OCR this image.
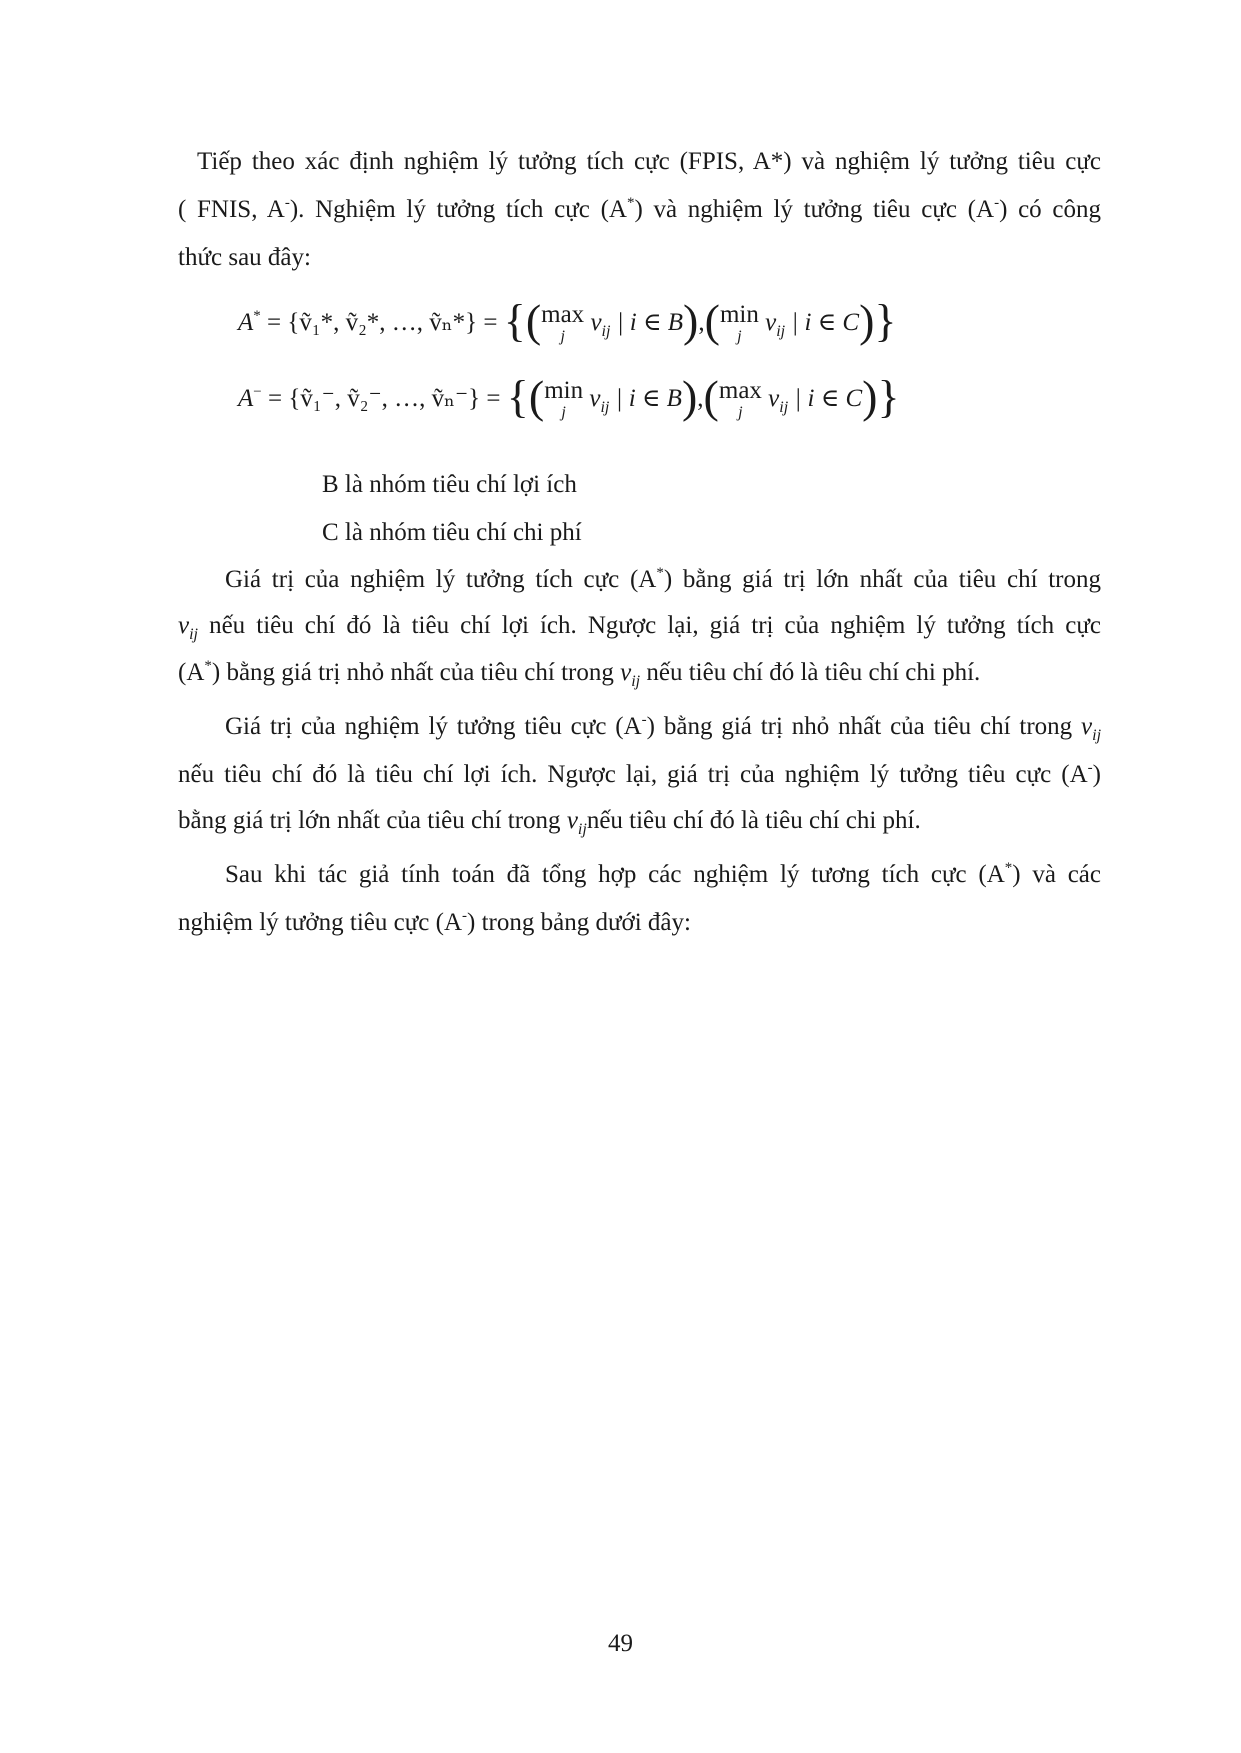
Tiếp theo xác định nghiệm lý tưởng tích cực (FPIS, A*) và nghiệm lý tưởng tiêu cực
( FNIS, A-). Nghiệm lý tưởng tích cực (A*) và nghiệm lý tưởng tiêu cực (A-) có công
thức sau đây:
A* = {ṽ₁*, ṽ₂*, …, ṽₙ*} = {(max
j
$v_{ij}$ | i ∈ B),(min
j
$v_{ij}$ | i ∈ C)}
A− = {ṽ₁⁻, ṽ₂⁻, …, ṽₙ⁻} = {(min
j
$v_{ij}$ | i ∈ B),(max
j
$v_{ij}$ | i ∈ C)}
B là nhóm tiêu chí lợi ích
C là nhóm tiêu chí chi phí
Giá trị của nghiệm lý tưởng tích cực (A*) bằng giá trị lớn nhất của tiêu chí trong
$v_{ij}$ nếu tiêu chí đó là tiêu chí lợi ích. Ngược lại, giá trị của nghiệm lý tưởng tích cực
(A*) bằng giá trị nhỏ nhất của tiêu chí trong $v_{ij}$ nếu tiêu chí đó là tiêu chí chi phí.
Giá trị của nghiệm lý tưởng tiêu cực (A-) bằng giá trị nhỏ nhất của tiêu chí trong $v_{ij}$
nếu tiêu chí đó là tiêu chí lợi ích. Ngược lại, giá trị của nghiệm lý tưởng tiêu cực (A-)
bằng giá trị lớn nhất của tiêu chí trong $v_{ij}nếu$ tiêu chí đó là tiêu chí chi phí.
Sau khi tác giả tính toán đã tổng hợp các nghiệm lý tương tích cực (A*) và các
nghiệm lý tưởng tiêu cực (A-) trong bảng dưới đây:
49
